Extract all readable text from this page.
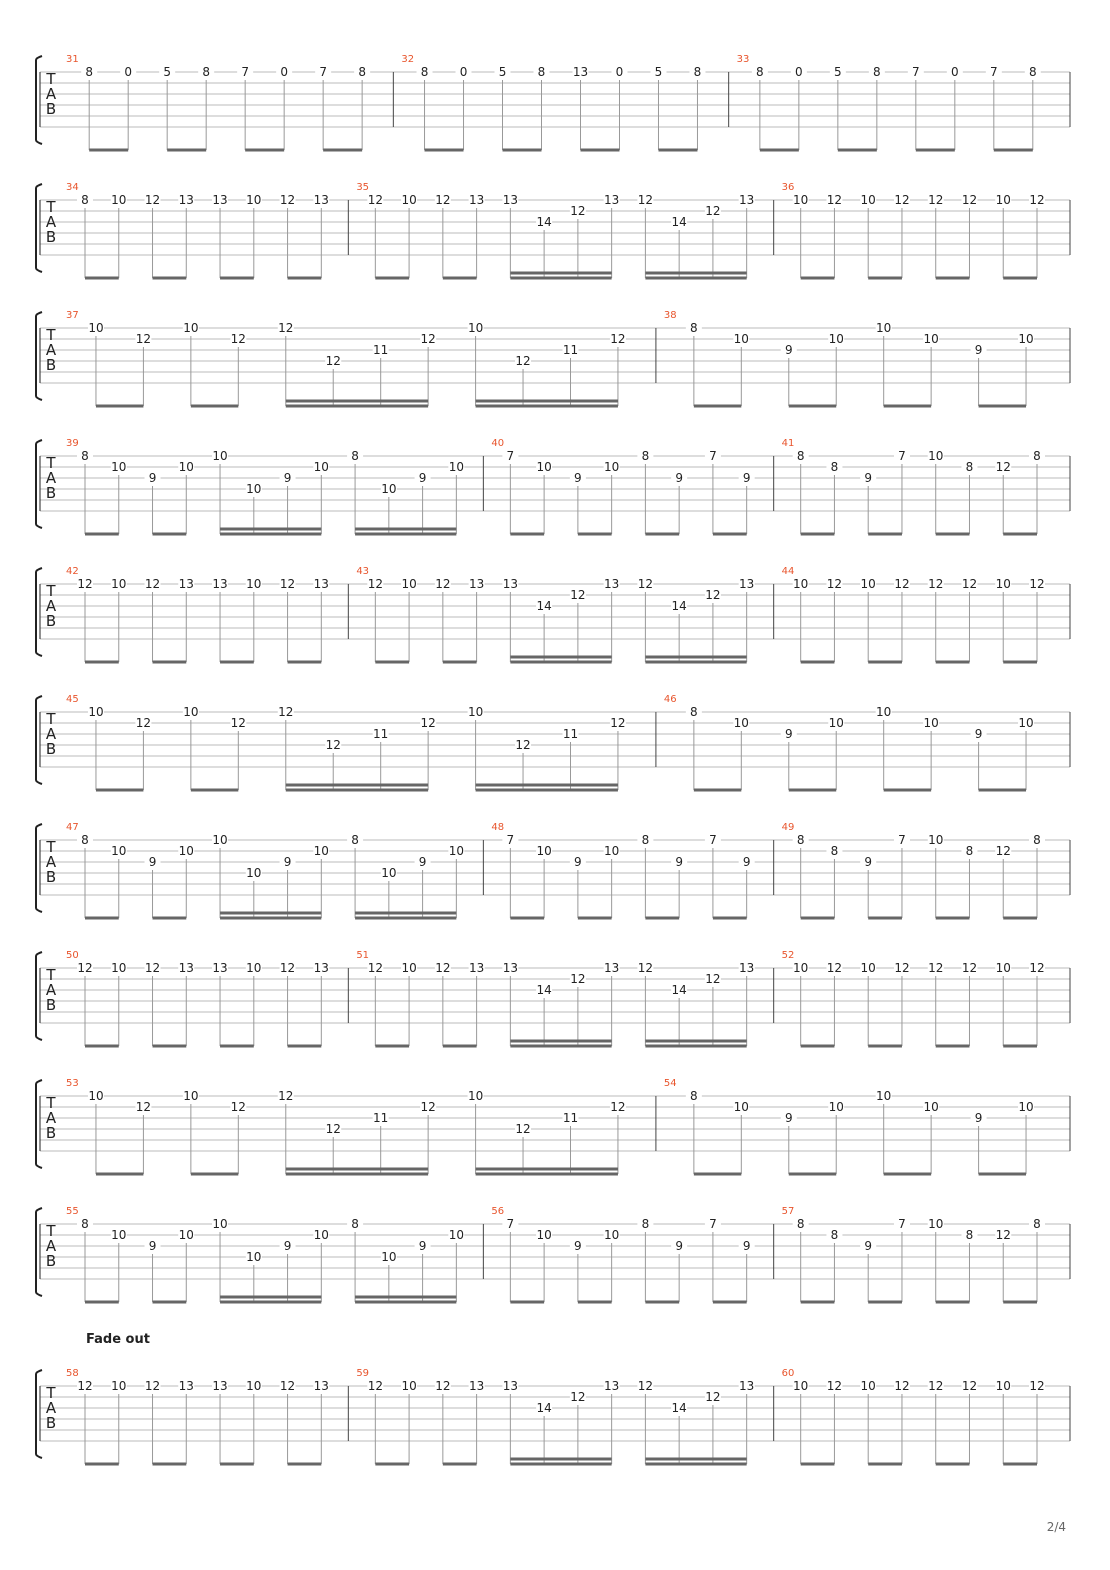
T
A
B
31
8	0	5	8	7	0	7	8
32
8	0	5	8 13 0	5	8
33
8	0	5	8	7	0	7	8
T
A
B
34
8 10 12 13 13 10 12 13
35
12 10 12 13 13
14
12
13 12
14
12
13
36
10 12 10 12 12 12 10 12
T
A
B
37
10
12
10
12
12
12
11
12
10
12
11
12
38
8
10
9
10
10
10
9
10
T
A
B
39
8
10
9
10
10
10
9
10
8
10
9
10
40
7
10
9
10
8
9
7
9
41
8
8
9
7 10
8 12
8
T
A
B
42
12 10 12 13 13 10 12 13
43
12 10 12 13 13
14
12
13 12
14
12
13
44
10 12 10 12 12 12 10 12
T
A
B
45
10
12
10
12
12
12
11
12
10
12
11
12
46
8
10
9
10
10
10
9
10
T
A
B
47
8
10
9
10
10
10
9
10
8
10
9
10
48
7
10
9
10
8
9
7
9
49
8
8
9
7 10
8 12
8
T
A
B
50
12 10 12 13 13 10 12 13
51
12 10 12 13 13
14
12
13 12
14
12
13
52
10 12 10 12 12 12 10 12
T
A
B
53
10
12
10
12
12
12
11
12
10
12
11
12
54
8
10
9
10
10
10
9
10
T
A
B
55
8
10
9
10
10
10
9
10
8
10
9
10
56
7
10
9
10
8
9
7
9
57
8
8
9
7 10
8 12
8
T
A
B
58
12 10 12 13 13 10 12 13
59
12 10 12 13 13
14
12
13 12
14
12
13
60
10 12 10 12 12 12 10 12
Fade out
2/4
